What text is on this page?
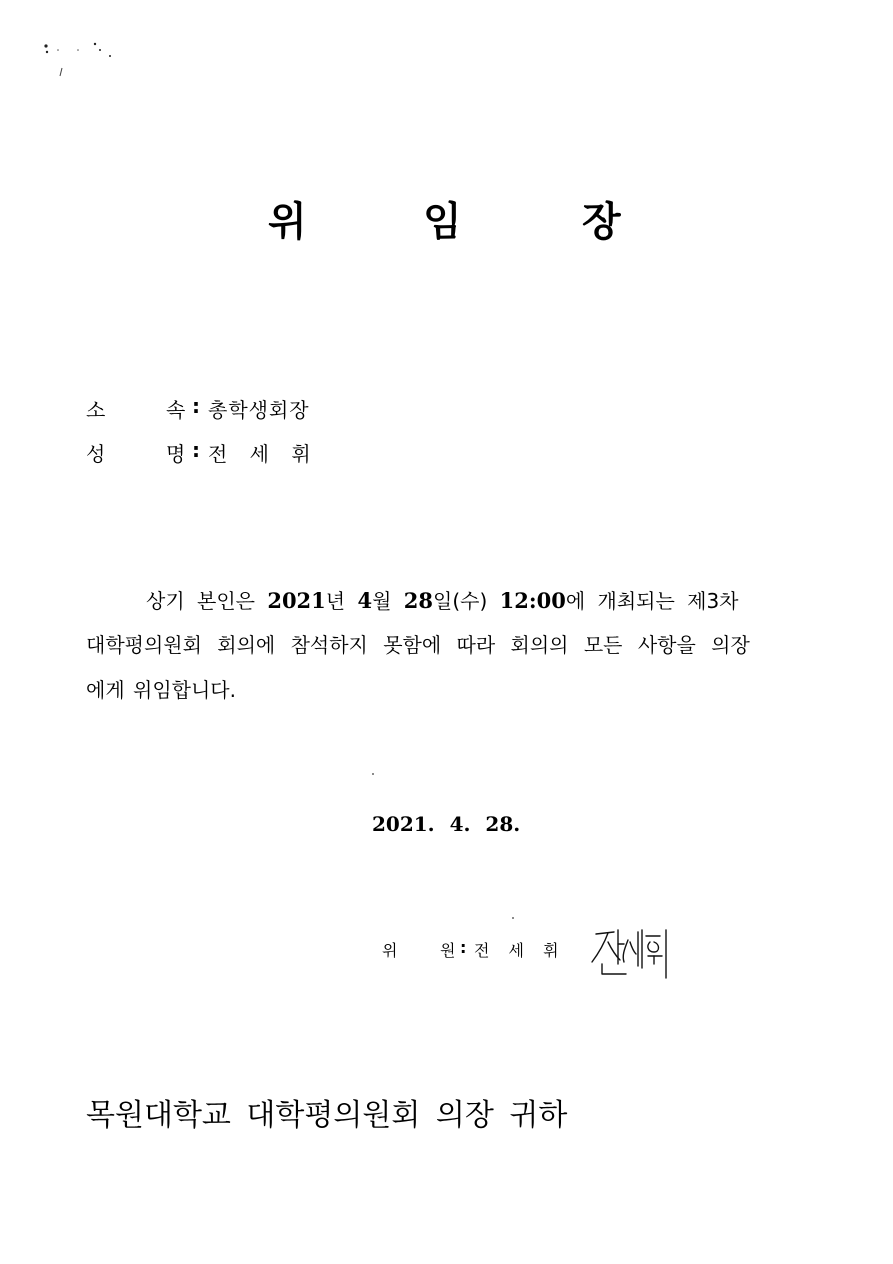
위	임	장
소	속 : 총학생회장
성	명 : 전 세 휘
상기 본인은 2021년 4월 28일(수) 12:00에 개최되는 제3차
대학평의원회 회의에 참석하지 못함에 따라 회의의 모든 사항을 의장
에게 위임합니다.
2021. 4. 28.
위	원 : 전 세 휘
목원대학교 대학평의원회 의장 귀하
